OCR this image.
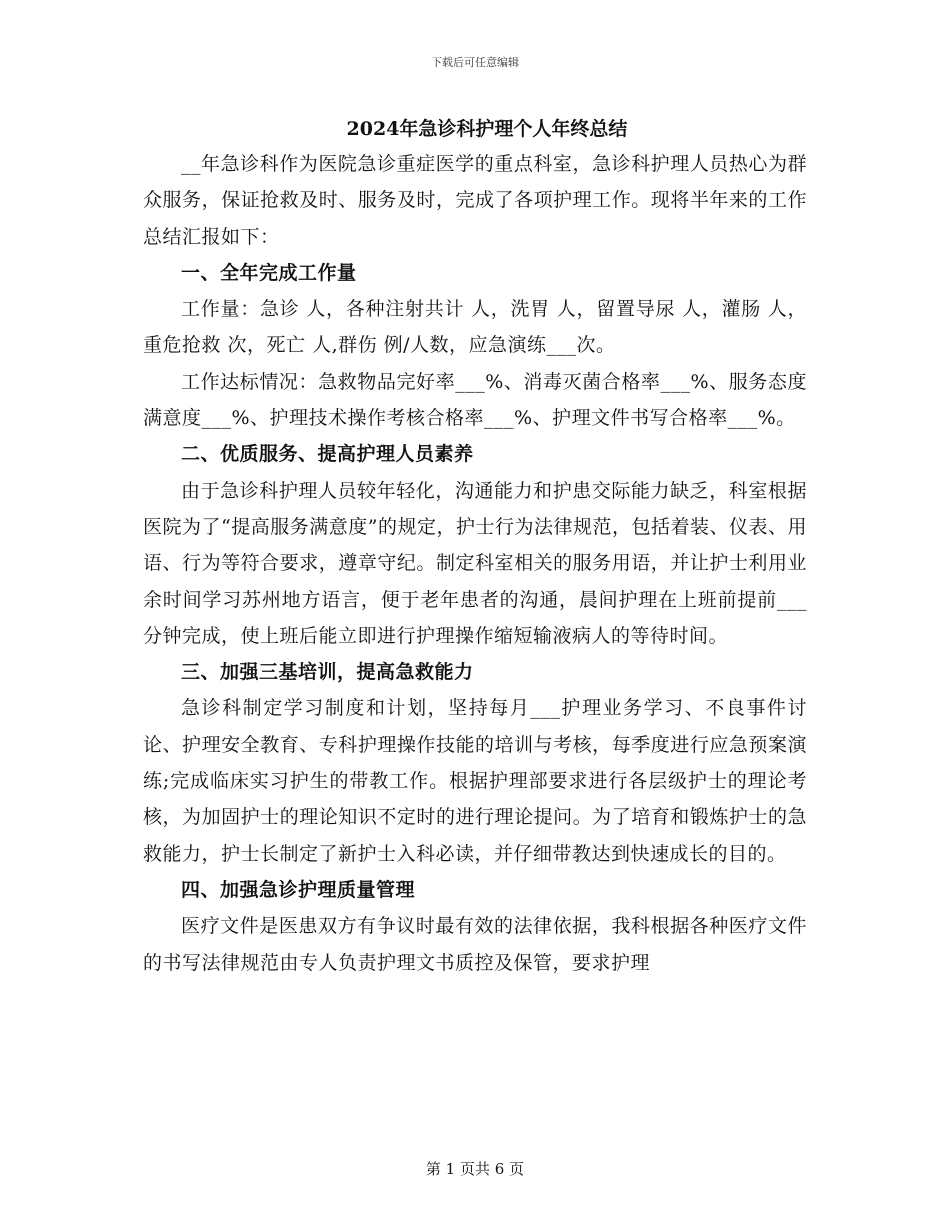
下载后可任意编辑
2024年急诊科护理个人年终总结

__年急诊科作为医院急诊重症医学的重点科室，急诊科护理人员热心为群众服务，保证抢救及时、服务及时，完成了各项护理工作。现将半年来的工作总结汇报如下：

一、全年完成工作量

工作量：急诊 人，各种注射共计 人，洗胃 人，留置导尿 人，灌肠 人，重危抢救 次，死亡 人,群伤 例/人数，应急演练___次。

工作达标情况：急救物品完好率___%、消毒灭菌合格率___%、服务态度满意度___%、护理技术操作考核合格率___%、护理文件书写合格率___%。

二、优质服务、提高护理人员素养

由于急诊科护理人员较年轻化，沟通能力和护患交际能力缺乏，科室根据医院为了“提高服务满意度”的规定，护士行为法律规范，包括着装、仪表、用语、行为等符合要求，遵章守纪。制定科室相关的服务用语，并让护士利用业余时间学习苏州地方语言，便于老年患者的沟通，晨间护理在上班前提前___分钟完成，使上班后能立即进行护理操作缩短输液病人的等待时间。

三、加强三基培训，提高急救能力

急诊科制定学习制度和计划，坚持每月___护理业务学习、不良事件讨论、护理安全教育、专科护理操作技能的培训与考核，每季度进行应急预案演练;完成临床实习护生的带教工作。根据护理部要求进行各层级护士的理论考核，为加固护士的理论知识不定时的进行理论提问。为了培育和锻炼护士的急救能力，护士长制定了新护士入科必读，并仔细带教达到快速成长的目的。

四、加强急诊护理质量管理

医疗文件是医患双方有争议时最有效的法律依据，我科根据各种医疗文件的书写法律规范由专人负责护理文书质控及保管，要求护理

第 1 页共 6 页
